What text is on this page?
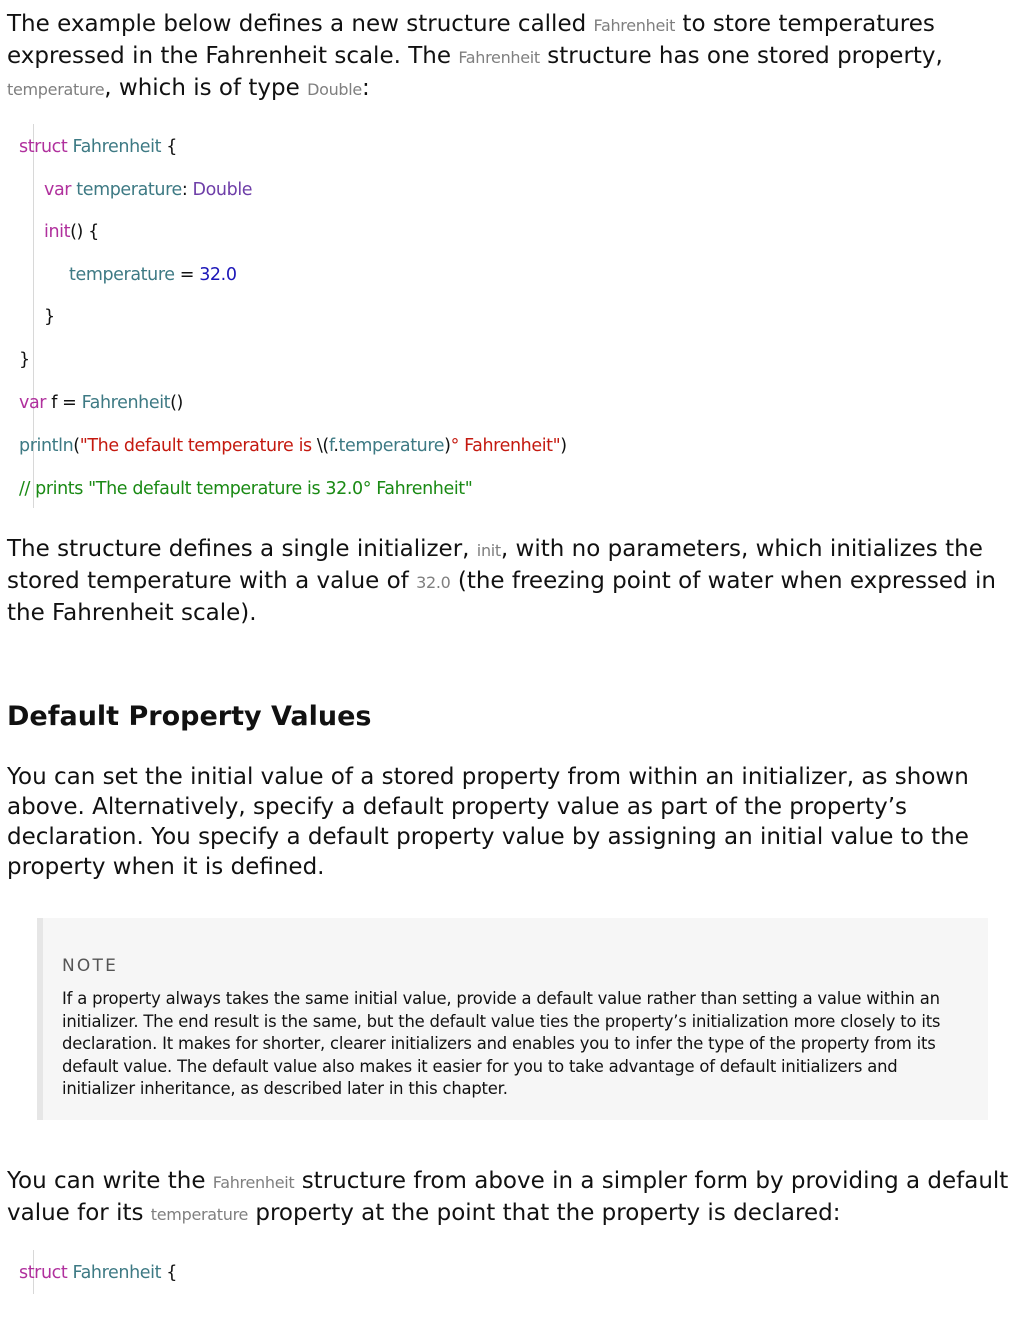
The example below defines a new structure called Fahrenheit to store temperatures expressed in the Fahrenheit scale. The Fahrenheit structure has one stored property, temperature, which is of type Double:

struct Fahrenheit {
var temperature: Double
init() {
temperature = 32.0
}
}
var f = Fahrenheit()
println("The default temperature is \(f.temperature)° Fahrenheit")
// prints "The default temperature is 32.0° Fahrenheit"

The structure defines a single initializer, init, with no parameters, which initializes the stored temperature with a value of 32.0 (the freezing point of water when expressed in the Fahrenheit scale).

Default Property Values

You can set the initial value of a stored property from within an initializer, as shown above. Alternatively, specify a default property value as part of the property’s declaration. You specify a default property value by assigning an initial value to the property when it is defined.

NOTE

If a property always takes the same initial value, provide a default value rather than setting a value within an initializer. The end result is the same, but the default value ties the property’s initialization more closely to its declaration. It makes for shorter, clearer initializers and enables you to infer the type of the property from its default value. The default value also makes it easier for you to take advantage of default initializers and initializer inheritance, as described later in this chapter.

You can write the Fahrenheit structure from above in a simpler form by providing a default value for its temperature property at the point that the property is declared:

struct Fahrenheit {
